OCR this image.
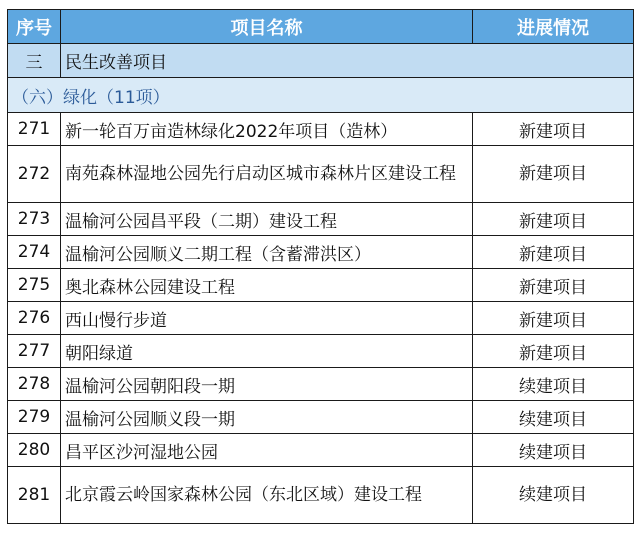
序号	项目名称	进展情况
三	民生改善项目	
（六）绿化（11项）		
271	新一轮百万亩造林绿化2022年项目（造林）	新建项目
272	南苑森林湿地公园先行启动区城市森林片区建设工程	新建项目
273	温榆河公园昌平段（二期）建设工程	新建项目
274	温榆河公园顺义二期工程（含蓄滞洪区）	新建项目
275	奥北森林公园建设工程	新建项目
276	西山慢行步道	新建项目
277	朝阳绿道	新建项目
278	温榆河公园朝阳段一期	续建项目
279	温榆河公园顺义段一期	续建项目
280	昌平区沙河湿地公园	续建项目
281	北京霞云岭国家森林公园（东北区域）建设工程	续建项目
